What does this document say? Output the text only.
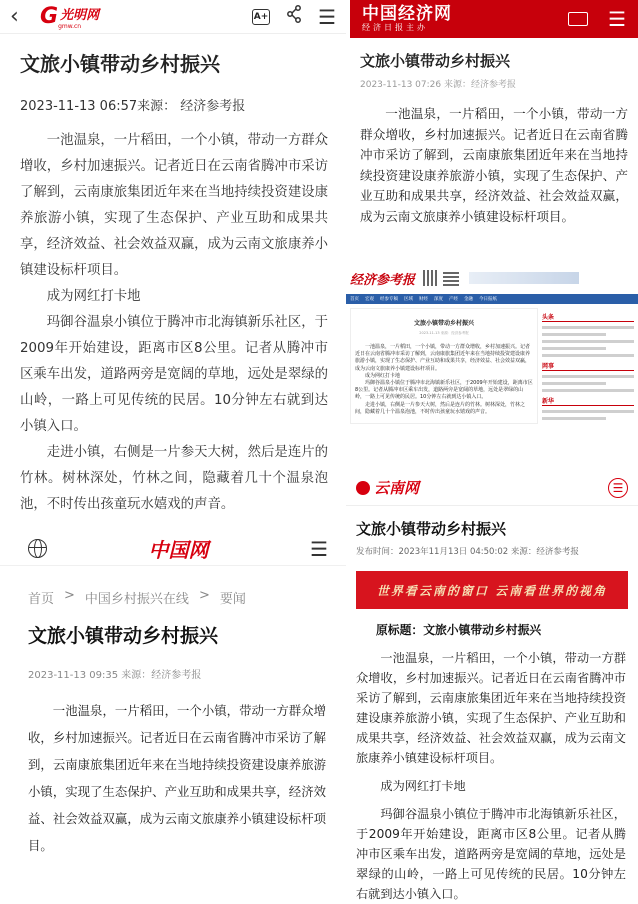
‹ G 光明网
gmw.cn
A+ ☰
文旅小镇带动乡村振兴
2023-11-13 06:57来源： 经济参考报

一池温泉，一片稻田，一个小镇，带动一方群众增收，乡村加速振兴。记者近日在云南省腾冲市采访了解到，云南康旅集团近年来在当地持续投资建设康养旅游小镇，实现了生态保护、产业互助和成果共享，经济效益、社会效益双赢，成为云南文旅康养小镇建设标杆项目。

成为网红打卡地

玛御谷温泉小镇位于腾冲市北海镇新乐社区，于2009年开始建设，距离市区8公里。记者从腾冲市区乘车出发，道路两旁是宽阔的草地，远处是翠绿的山岭，一路上可见传统的民居。10分钟左右就到达小镇入口。

走进小镇，右侧是一片参天大树，然后是连片的竹林。树林深处，竹林之间，隐藏着几十个温泉泡池，不时传出孩童玩水嬉戏的声音。

中国经济网
经济日报主办	☰
文旅小镇带动乡村振兴
2023-11-13 07:26 来源：经济参考报

一池温泉，一片稻田，一个小镇，带动一方群众增收，乡村加速振兴。记者近日在云南省腾冲市采访了解到，云南康旅集团近年来在当地持续投资建设康养旅游小镇，实现了生态保护、产业互助和成果共享，经济效益、社会效益双赢，成为云南文旅康养小镇建设标杆项目。

经济参考报
首页 宏观 经参专稿 区域 财经 深度 产经 金融 今日报纸
文旅小镇带动乡村振兴
2023-11-13 来源：经济参考报

一池温泉，一片稻田，一个小镇，带动一方群众增收，乡村加速振兴。记者近日在云南省腾冲市采访了解到，云南康旅集团近年来在当地持续投资建设康养旅游小镇，实现了生态保护、产业互助和成果共享，经济效益、社会效益双赢，成为云南文旅康养小镇建设标杆项目。

成为网红打卡地

玛御谷温泉小镇位于腾冲市北海镇新乐社区，于2009年开始建设，距离市区8公里。记者从腾冲市区乘车出发，道路两旁是宽阔的草地，远处是翠绿的山岭，一路上可见传统的民居。10分钟左右就到达小镇入口。

走进小镇，右侧是一片参天大树，然后是连片的竹林。树林深处，竹林之间，隐藏着几十个温泉泡池，不时传出孩童玩水嬉戏的声音。

头条
网事
新华
中国网	☰
首页 > 中国乡村振兴在线 > 要闻
文旅小镇带动乡村振兴
2023-11-13 09:35 来源：经济参考报

一池温泉，一片稻田，一个小镇，带动一方群众增收，乡村加速振兴。记者近日在云南省腾冲市采访了解到，云南康旅集团近年来在当地持续投资建设康养旅游小镇，实现了生态保护、产业互助和成果共享，经济效益、社会效益双赢，成为云南文旅康养小镇建设标杆项目。

云南网	☰
文旅小镇带动乡村振兴
发布时间：2023年11月13日 04:50:02 来源：经济参考报
世界看云南的窗口 云南看世界的视角
原标题：文旅小镇带动乡村振兴

一池温泉，一片稻田，一个小镇，带动一方群众增收，乡村加速振兴。记者近日在云南省腾冲市采访了解到，云南康旅集团近年来在当地持续投资建设康养旅游小镇，实现了生态保护、产业互助和成果共享，经济效益、社会效益双赢，成为云南文旅康养小镇建设标杆项目。

成为网红打卡地

玛御谷温泉小镇位于腾冲市北海镇新乐社区，于2009年开始建设，距离市区8公里。记者从腾冲市区乘车出发，道路两旁是宽阔的草地，远处是翠绿的山岭，一路上可见传统的民居。10分钟左右就到达小镇入口。
